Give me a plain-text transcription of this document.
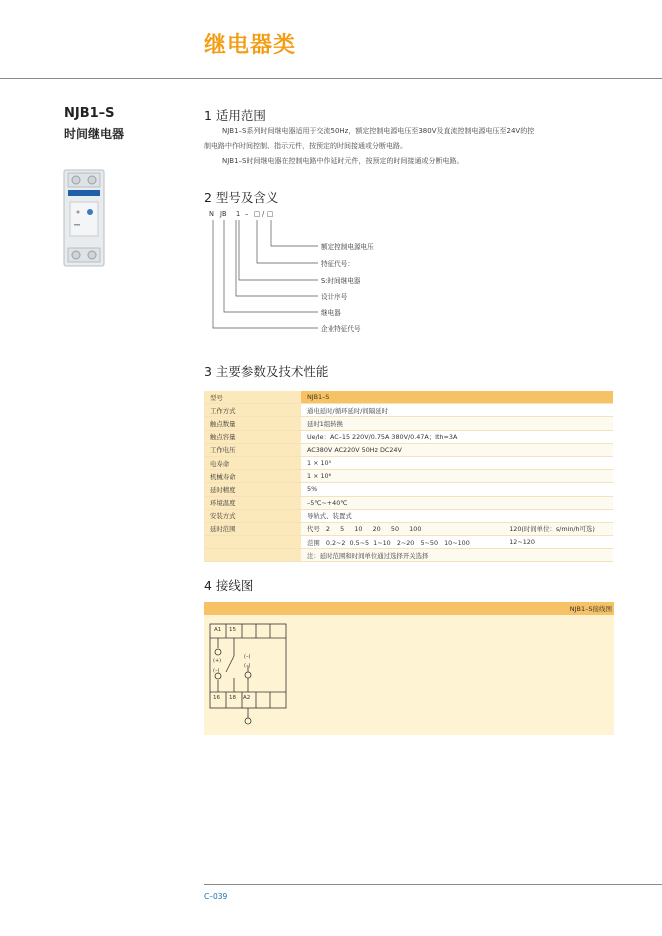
继电器类
NJB1–S
时间继电器
1 适用范围
NJB1–S系列时间继电器适用于交流50Hz，额定控制电源电压至380V及直流控制电源电压至24V的控
制电路中作时间控制、指示元件，按预定的时间接通或分断电路。
NJB1–S时间继电器在控制电路中作延时元件，按预定的时间接通或分断电路。
2 型号及含义
N JB 1 – □ / □
额定控制电源电压
特征代号：
S:时间继电器
设计序号
继电器
企业特征代号
3 主要参数及技术性能
型号	NJB1–S	
工作方式	通电延时/循环延时/间隔延时	
触点数量	延时1组转换	
触点容量	Ue/Ie：AC–15 220V/0.75A 380V/0.47A；Ith=3A	
工作电压	AC380V AC220V 50Hz DC24V	
电寿命	1 × 10⁵	
机械寿命	1 × 10⁶	
延时精度	5%	
环境温度	–5℃~+40℃	
安装方式	导轨式、装置式	
延时范围	代号   2     5     10     20     50     100	120(时间单位：s/min/h可选)
	范围   0.2~2  0.5~5  1~10   2~20   5~50   10~100	12~120
	注：延时范围和时间单位通过选择开关选择	
4 接线图
NJB1–S接线图
A1 15
16 18 A2
(+)
(–)
(–)
(–)
C–039
